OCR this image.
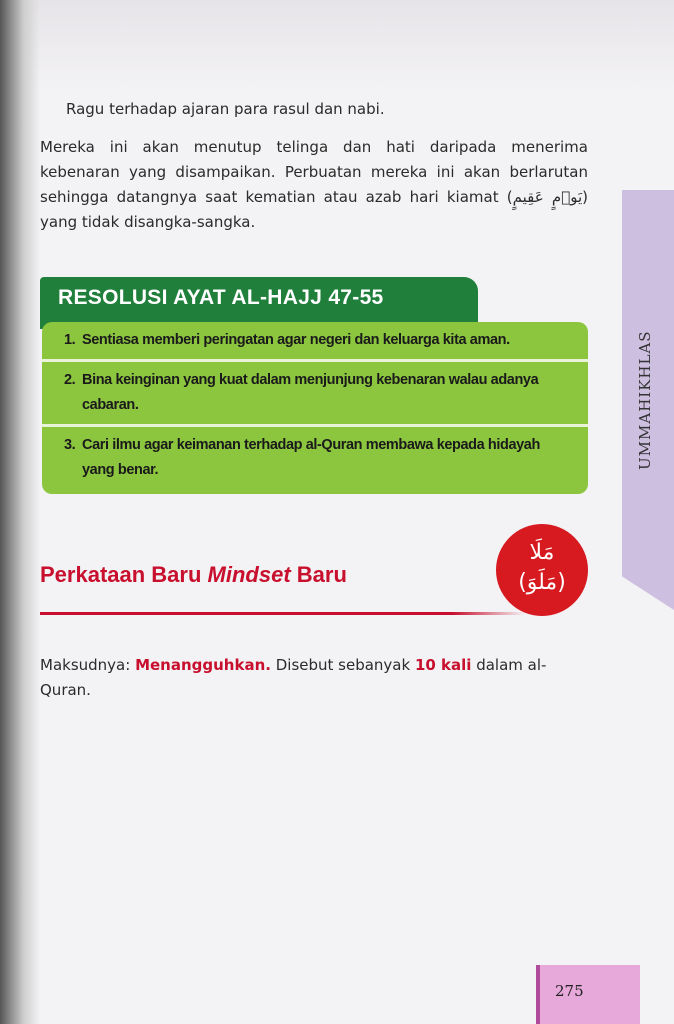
UMMAHIKHLAS

Ragu terhadap ajaran para rasul dan nabi.

Mereka ini akan menutup telinga dan hati daripada menerima kebenaran yang disampaikan. Perbuatan mereka ini akan berlarutan sehingga datangnya saat kematian atau azab hari kiamat (يَوۡمٍ عَقِيمٍ) yang tidak disangka-sangka.

RESOLUSI AYAT AL-HAJJ 47-55
1. Sentiasa memberi peringatan agar negeri dan keluarga kita aman.
2. Bina keinginan yang kuat dalam menjunjung kebenaran walau adanya cabaran.
3. Cari ilmu agar keimanan terhadap al-Quran membawa kepada hidayah yang benar.
Perkataan Baru Mindset Baru
مَلَا
(مَلَوَ)

Maksudnya: Menangguhkan. Disebut sebanyak 10 kali dalam al-Quran.

275
